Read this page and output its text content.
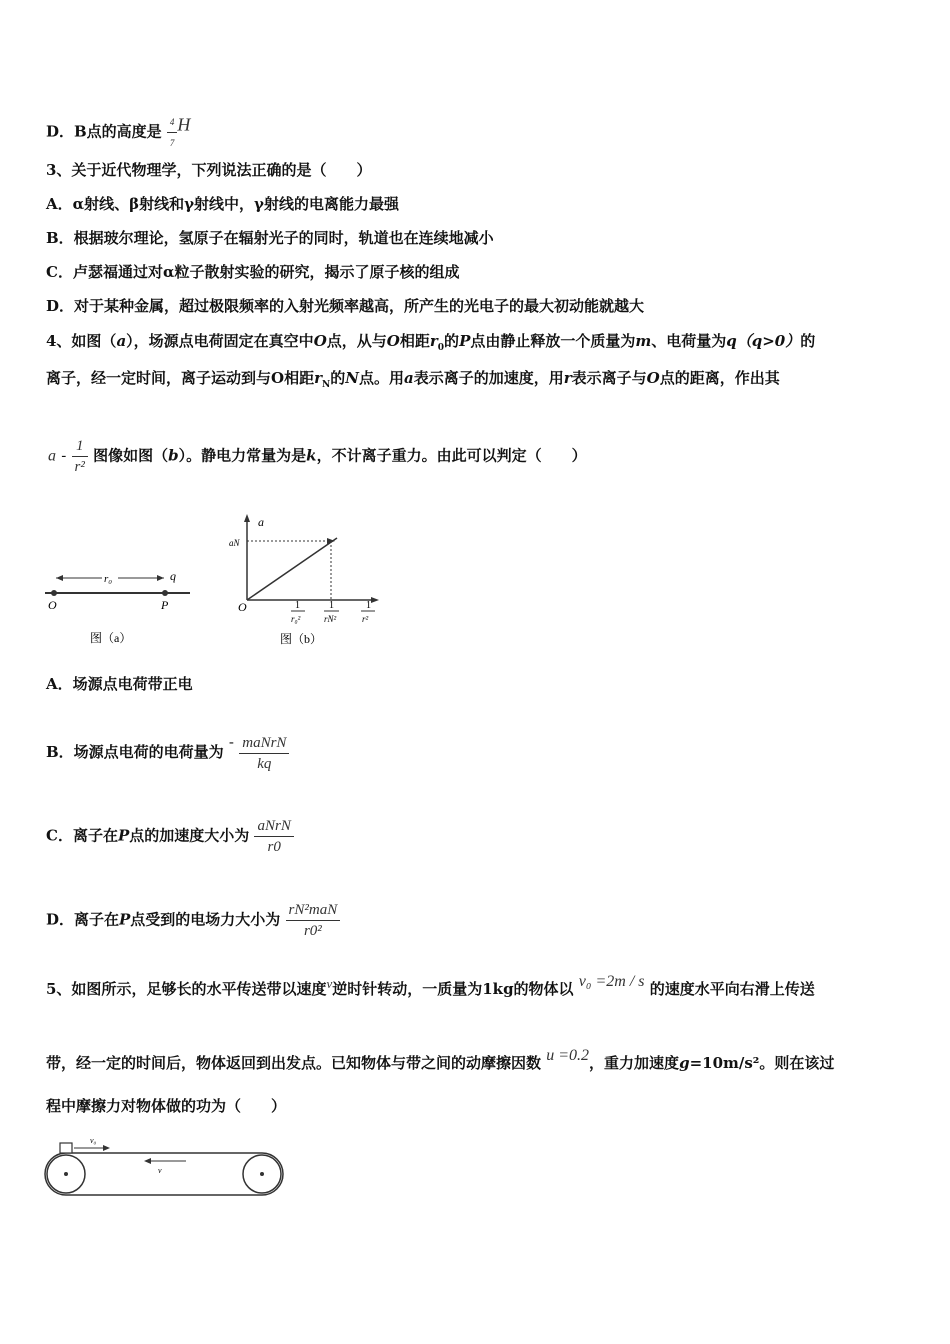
D．B点的高度是 $\frac{4}{7}$ H
3、关于近代物理学，下列说法正确的是（　　）
A．α射线、β射线和γ射线中，γ射线的电离能力最强
B．根据玻尔理论，氢原子在辐射光子的同时，轨道也在连续地减小
C．卢瑟福通过对α粒子散射实验的研究，揭示了原子核的组成
D．对于某种金属，超过极限频率的入射光频率越高，所产生的光电子的最大初动能就越大
4、如图（a），场源点电荷固定在真空中O点，从与O相距$r_0$的P点由静止释放一个质量为m、电荷量为q（q>0）的
离子，经一定时间，离子运动到与O相距$r_N$的N点。用a表示离子的加速度，用r表示离子与O点的距离，作出其
a - $\frac{1}{\text{r²}}$ 图像如图（b）。静电力常量为是k，不计离子重力。由此可以判定（　　）
r₀	q
O	P
图（a）
a
aN
O	1
r₀²
1
rN²
1
r²
图（b）
A．场源点电荷带正电
B．场源点电荷的电荷量为 - $\frac{\text{maNrN}}{kq}$
C．离子在P点的加速度大小为 $\frac{\text{aNrN}}{r0}$
D．离子在P点受到的电场力大小为 $\frac{\text{rN²maN}}{\text{r0²}}$
5、如图所示，足够长的水平传送带以速度v逆时针转动，一质量为1kg的物体以 v₀ =2m / s 的速度水平向右滑上传送
带，经一定的时间后，物体返回到出发点。已知物体与带之间的动摩擦因数 u =0.2，重力加速度g=10m/s²。则在该过
程中摩擦力对物体做的功为（　　）
v₀
v
